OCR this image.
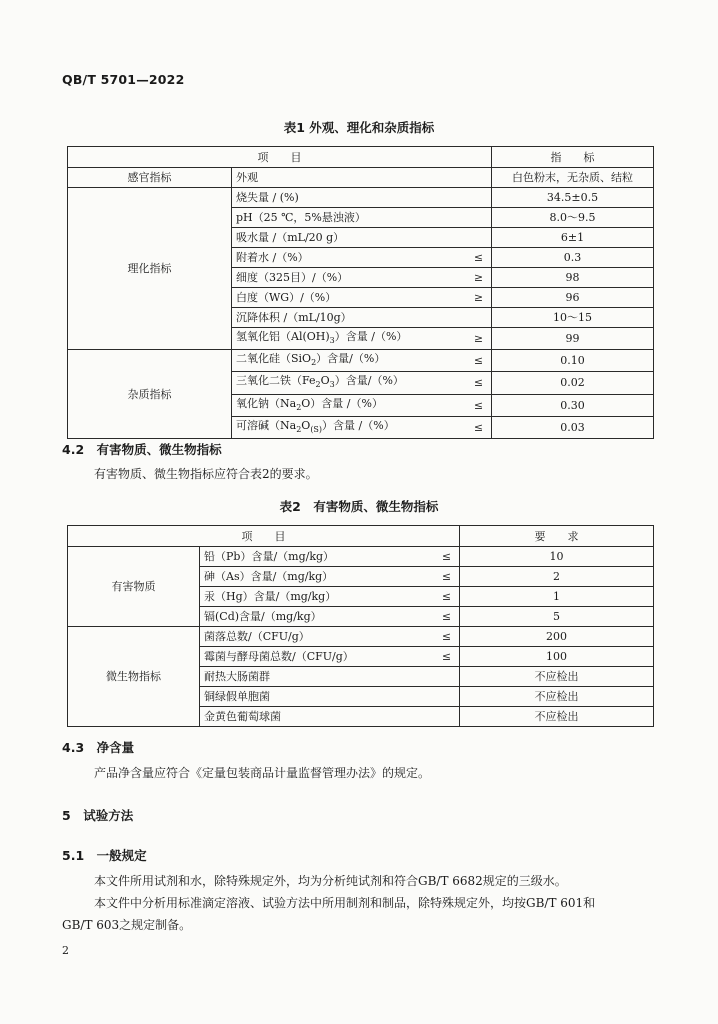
QB/T 5701—2022
表1 外观、理化和杂质指标
项　　目			指　　标
感官指标	外观		白色粉末，无杂质、结粒
理化指标	烧失量 / (%)		34.5±0.5
	pH（25 ℃，5%悬浊液）		8.0～9.5
	吸水量 /（mL/20 g）		6±1
	附着水 /（%）	≤	0.3
	细度（325目）/（%）	≥	98
	白度（WG）/（%）	≥	96
	沉降体积 /（mL/10g）		10～15
	氢氧化铝$(Al(OH)_3)$含量 /（%）	≥	99
杂质指标	二氧化硅（SiO$_2$）含量/（%）	≤	0.10
	三氧化二铁$(Fe_2O_3)$含量/（%）	≤	0.02
	氧化钠$(Na_2O)$含量 /（%）	≤	0.30
	可溶碱$(Na_2O_{(S)})$含量 /（%）	≤	0.03
4.2　有害物质、微生物指标
有害物质、微生物指标应符合表2的要求。
表2　有害物质、微生物指标
项　　目			要　　求
有害物质	铅（Pb）含量/（mg/kg）	≤	10
	砷（As）含量/（mg/kg）	≤	2
	汞（Hg）含量/（mg/kg）	≤	1
	镉(Cd)含量/（mg/kg）	≤	5
微生物指标	菌落总数/（CFU/g）	≤	200
	霉菌与酵母菌总数/（CFU/g）	≤	100
	耐热大肠菌群		不应检出
	铜绿假单胞菌		不应检出
	金黄色葡萄球菌		不应检出
4.3　净含量
产品净含量应符合《定量包装商品计量监督管理办法》的规定。
5　试验方法
5.1　一般规定
本文件所用试剂和水，除特殊规定外，均为分析纯试剂和符合GB/T 6682规定的三级水。
本文件中分析用标准滴定溶液、试验方法中所用制剂和制品，除特殊规定外，均按GB/T 601和
GB/T 603之规定制备。
2
